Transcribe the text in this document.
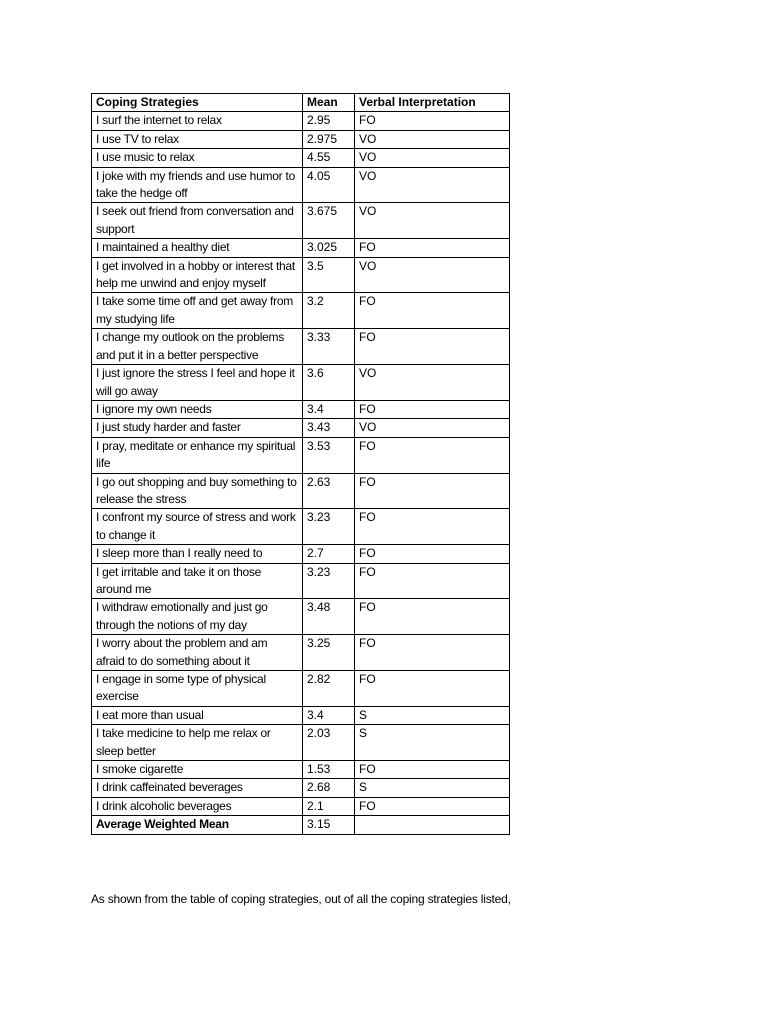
Coping Strategies	Mean	Verbal Interpretation
I surf the internet to relax	2.95	FO
I use TV to relax	2.975	VO
I use music to relax	4.55	VO
I joke with my friends and use humor to take the hedge off	4.05	VO
I seek out friend from conversation and support	3.675	VO
I maintained a healthy diet	3.025	FO
I get involved in a hobby or interest that help me unwind and enjoy myself	3.5	VO
I take some time off and get away from my studying life	3.2	FO
I change my outlook on the problems and put it in a better perspective	3.33	FO
I just ignore the stress I feel and hope it will go away	3.6	VO
I ignore my own needs	3.4	FO
I just study harder and faster	3.43	VO
I pray, meditate or enhance my spiritual life	3.53	FO
I go out shopping and buy something to release the stress	2.63	FO
I confront my source of stress and work to change it	3.23	FO
I sleep more than I really need to	2.7	FO
I get irritable and take it on those around me	3.23	FO
I withdraw emotionally and just go through the notions of my day	3.48	FO
I worry about the problem and am afraid to do something about it	3.25	FO
I engage in some type of physical exercise	2.82	FO
I eat more than usual	3.4	S
I take medicine to help me relax or sleep better	2.03	S
I smoke cigarette	1.53	FO
I drink caffeinated beverages	2.68	S
I drink alcoholic beverages	2.1	FO
Average Weighted Mean	3.15	

As shown from the table of coping strategies, out of all the coping strategies listed,
